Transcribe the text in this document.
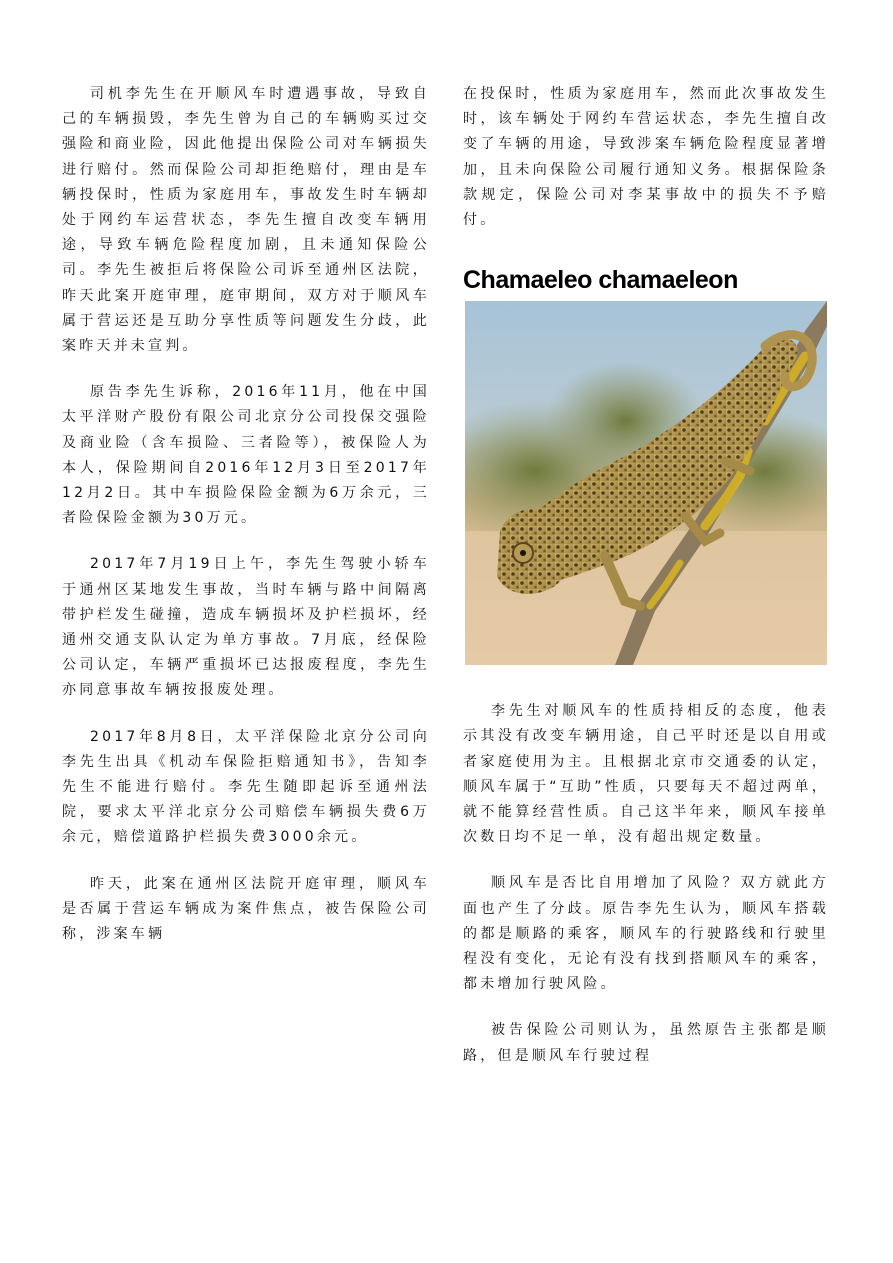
司机李先生在开顺风车时遭遇事故，导致自己的车辆损毁，李先生曾为自己的车辆购买过交强险和商业险，因此他提出保险公司对车辆损失进行赔付。然而保险公司却拒绝赔付，理由是车辆投保时，性质为家庭用车，事故发生时车辆却处于网约车运营状态，李先生擅自改变车辆用途，导致车辆危险程度加剧，且未通知保险公司。李先生被拒后将保险公司诉至通州区法院，昨天此案开庭审理，庭审期间，双方对于顺风车属于营运还是互助分享性质等问题发生分歧，此案昨天并未宣判。

原告李先生诉称，2016年11月，他在中国太平洋财产股份有限公司北京分公司投保交强险及商业险（含车损险、三者险等），被保险人为本人，保险期间自2016年12月3日至2017年12月2日。其中车损险保险金额为6万余元，三者险保险金额为30万元。

2017年7月19日上午，李先生驾驶小轿车于通州区某地发生事故，当时车辆与路中间隔离带护栏发生碰撞，造成车辆损坏及护栏损坏，经通州交通支队认定为单方事故。7月底，经保险公司认定，车辆严重损坏已达报废程度，李先生亦同意事故车辆按报废处理。

2017年8月8日，太平洋保险北京分公司向李先生出具《机动车保险拒赔通知书》，告知李先生不能进行赔付。李先生随即起诉至通州法院，要求太平洋北京分公司赔偿车辆损失费6万余元，赔偿道路护栏损失费3000余元。

昨天，此案在通州区法院开庭审理，顺风车是否属于营运车辆成为案件焦点，被告保险公司称，涉案车辆

在投保时，性质为家庭用车，然而此次事故发生时，该车辆处于网约车营运状态，李先生擅自改变了车辆的用途，导致涉案车辆危险程度显著增加，且未向保险公司履行通知义务。根据保险条款规定，保险公司对李某事故中的损失不予赔付。

Chamaeleo chamaeleon

李先生对顺风车的性质持相反的态度，他表示其没有改变车辆用途，自己平时还是以自用或者家庭使用为主。且根据北京市交通委的认定，顺风车属于“互助”性质，只要每天不超过两单，就不能算经营性质。自己这半年来，顺风车接单次数日均不足一单，没有超出规定数量。

顺风车是否比自用增加了风险？双方就此方面也产生了分歧。原告李先生认为，顺风车搭载的都是顺路的乘客，顺风车的行驶路线和行驶里程没有变化，无论有没有找到搭顺风车的乘客，都未增加行驶风险。

被告保险公司则认为，虽然原告主张都是顺路，但是顺风车行驶过程
